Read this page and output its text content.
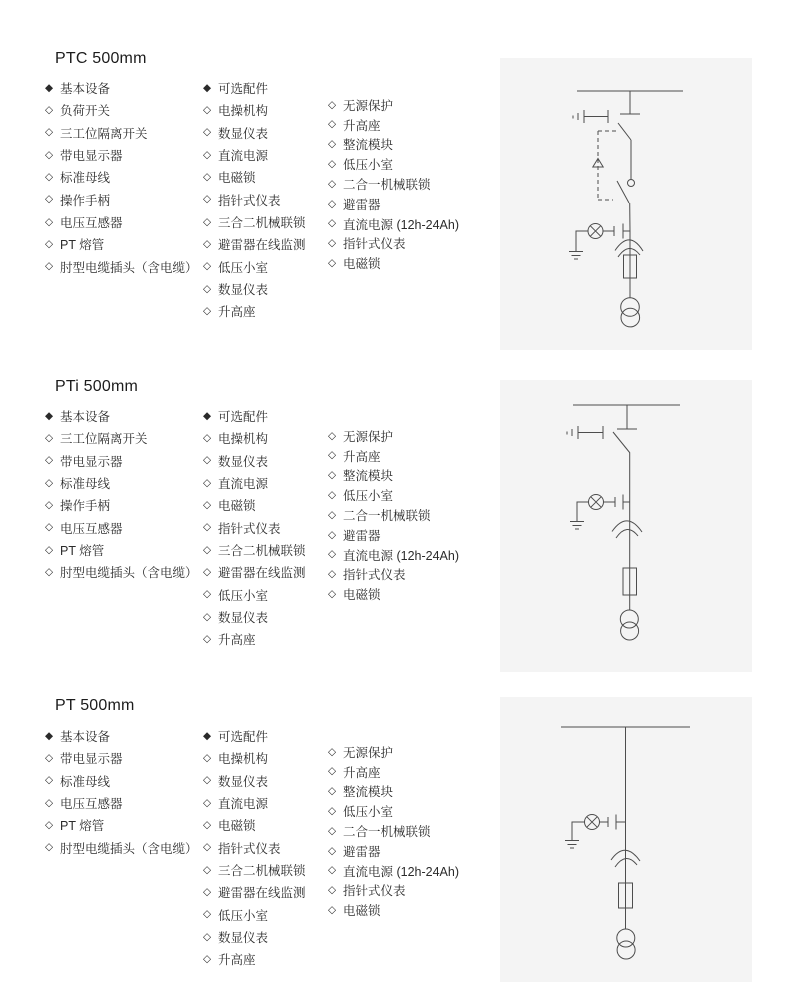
PTC 500mm
◆ 基本设备
◇ 负荷开关
◇ 三工位隔离开关
◇ 带电显示器
◇ 标准母线
◇ 操作手柄
◇ 电压互感器
◇ PT 熔管
◇ 肘型电缆插头（含电缆）
◆ 可选配件
◇ 电操机构
◇ 数显仪表
◇ 直流电源
◇ 电磁锁
◇ 指针式仪表
◇ 三合二机械联锁
◇ 避雷器在线监测
◇ 低压小室
◇ 数显仪表
◇ 升高座
◇ 无源保护
◇ 升高座
◇ 整流模块
◇ 低压小室
◇ 二合一机械联锁
◇ 避雷器
◇ 直流电源 (12h-24Ah)
◇ 指针式仪表
◇ 电磁锁
PTi 500mm
◆ 基本设备
◇ 三工位隔离开关
◇ 带电显示器
◇ 标准母线
◇ 操作手柄
◇ 电压互感器
◇ PT 熔管
◇ 肘型电缆插头（含电缆）
◆ 可选配件
◇ 电操机构
◇ 数显仪表
◇ 直流电源
◇ 电磁锁
◇ 指针式仪表
◇ 三合二机械联锁
◇ 避雷器在线监测
◇ 低压小室
◇ 数显仪表
◇ 升高座
◇ 无源保护
◇ 升高座
◇ 整流模块
◇ 低压小室
◇ 二合一机械联锁
◇ 避雷器
◇ 直流电源 (12h-24Ah)
◇ 指针式仪表
◇ 电磁锁
PT 500mm
◆ 基本设备
◇ 带电显示器
◇ 标准母线
◇ 电压互感器
◇ PT 熔管
◇ 肘型电缆插头（含电缆）
◆ 可选配件
◇ 电操机构
◇ 数显仪表
◇ 直流电源
◇ 电磁锁
◇ 指针式仪表
◇ 三合二机械联锁
◇ 避雷器在线监测
◇ 低压小室
◇ 数显仪表
◇ 升高座
◇ 无源保护
◇ 升高座
◇ 整流模块
◇ 低压小室
◇ 二合一机械联锁
◇ 避雷器
◇ 直流电源 (12h-24Ah)
◇ 指针式仪表
◇ 电磁锁
